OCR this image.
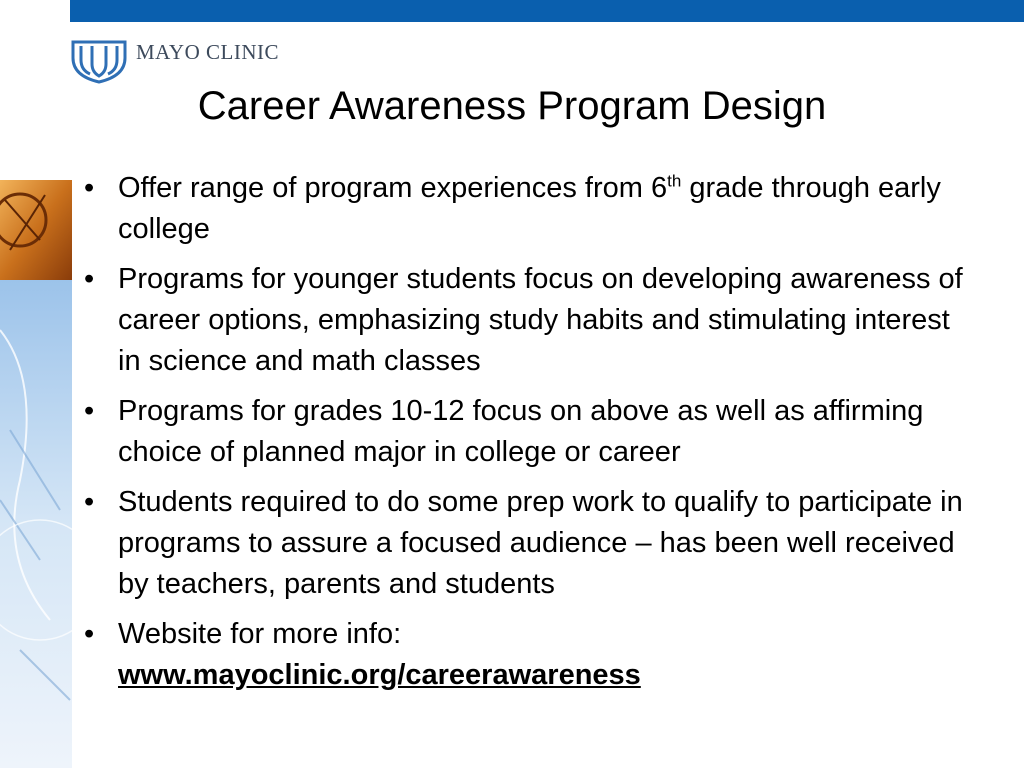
MAYO CLINIC
Career Awareness Program Design
• Offer range of program experiences from 6th grade through early college
• Programs for younger students focus on developing awareness of career options, emphasizing study habits and stimulating interest in science and math classes
• Programs for grades 10-12 focus on above as well as affirming choice of planned major in college or career
• Students required to do some prep work to qualify to participate in programs to assure a focused audience – has been well received by teachers, parents and students
• Website for more info:
www.mayoclinic.org/careerawareness
